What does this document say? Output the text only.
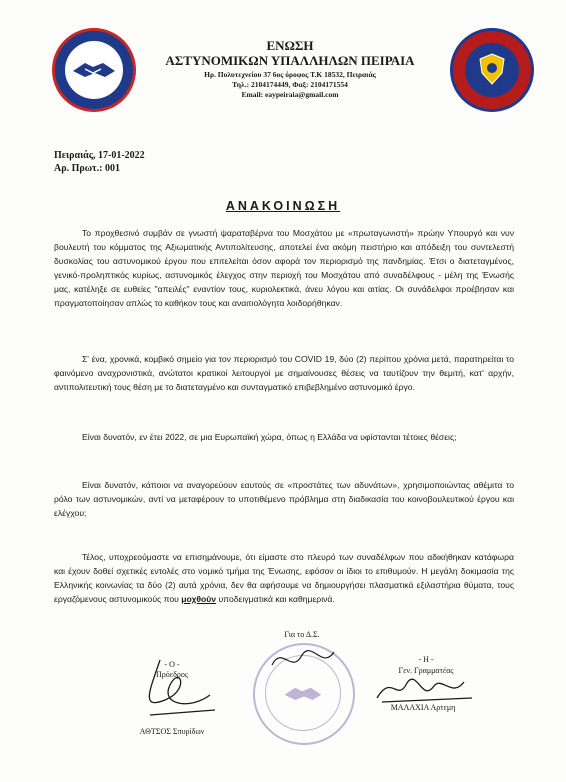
ΕΝΩΣΗ
ΑΣΤΥΝΟΜΙΚΩΝ ΥΠΑΛΛΗΛΩΝ ΠΕΙΡΑΙΑ
Ηρ. Πολυτεχνείου 37 6ος όροφος Τ.Κ 18532, Πειραιάς
Τηλ.: 2104174449, Φαξ: 2104171554
Email: eaypeiraia@gmail.com
Πειραιάς, 17-01-2022
Αρ. Πρωτ.: 001
ΑΝΑΚΟΙΝΩΣΗ
Το προχθεσινό συμβάν σε γνωστή ψαραταβέρνα του Μοσχάτου με «πρωταγωνιστή» πρώην Υπουργό και νυν βουλευτή του κόμματος της Αξιωματικής Αντιπολίτευσης, αποτελεί ένα ακόμη πειστήριο και απόδειξη του συντελεστή δυσκολίας του αστυνομικού έργου που επιτελείται όσον αφορά τον περιορισμό της πανδημίας. Έτσι ο διατεταγμένος, γενικό-προληπτικός κυρίως, αστυνομικός έλεγχος στην περιοχή του Μοσχάτου από συναδέλφους - μέλη της Ένωσής μας, κατέληξε σε ευθείες "απειλές" εναντίον τους, κυριολεκτικά, άνευ λόγου και αιτίας. Οι συνάδελφοι προέβησαν και πραγματοποίησαν απλώς το καθήκον τους και αναιτιολόγητα λοιδορήθηκαν.
Σ' ένα, χρονικά, κομβικό σημείο για τον περιορισμό του COVID 19, δύο (2) περίπου χρόνια μετά, παρατηρείται το φαινόμενο αναχρονιστικά, ανώτατοι κρατικοί λειτουργοί με σημαίνουσες θέσεις να ταυτίζουν την θεμιτή, κατ' αρχήν, αντιπολιτευτική τους θέση με το διατεταγμένο και συνταγματικό επιβεβλημένο αστυνομικό έργο.
Είναι δυνατόν, εν έτει 2022, σε μια Ευρωπαϊκή χώρα, όπως η Ελλάδα να υφίστανται τέτοιες θέσεις;
Είναι δυνατόν, κάποιοι να αναγορεύουν εαυτούς σε «προστάτες των αδυνάτων», χρησιμοποιώντας αθέμιτα το ρόλο των αστυνομικών, αντί να μεταφέρουν το υποτιθέμενο πρόβλημα στη διαδικασία του κοινοβουλευτικού έργου και ελέγχου;
Τέλος, υποχρεούμαστε να επισημάνουμε, ότι είμαστε στο πλευρό των συναδέλφων που αδικήθηκαν κατάφωρα και έχουν δοθεί σχετικές εντολές στο νομικό τμήμα της Ένωσης, εφόσον οι ίδιοι το επιθυμούν. Η μεγάλη δοκιμασία της Ελληνικής κοινωνίας τα δύο (2) αυτά χρόνια, δεν θα αφήσουμε να δημιουργήσει πλασματικά εξιλαστήρια θύματα, τους εργαζόμενους αστυνομικούς που μοχθούν υποδειγματικά και καθημερινά.
- Ο -
Πρόεδρος
ΑΘΤΣΟΣ Σπυρίδων
Για το Δ.Σ.
- Η -
Γεν. Γραμματέας
ΜΑΛΑΧΙΑ Αρτεμη
